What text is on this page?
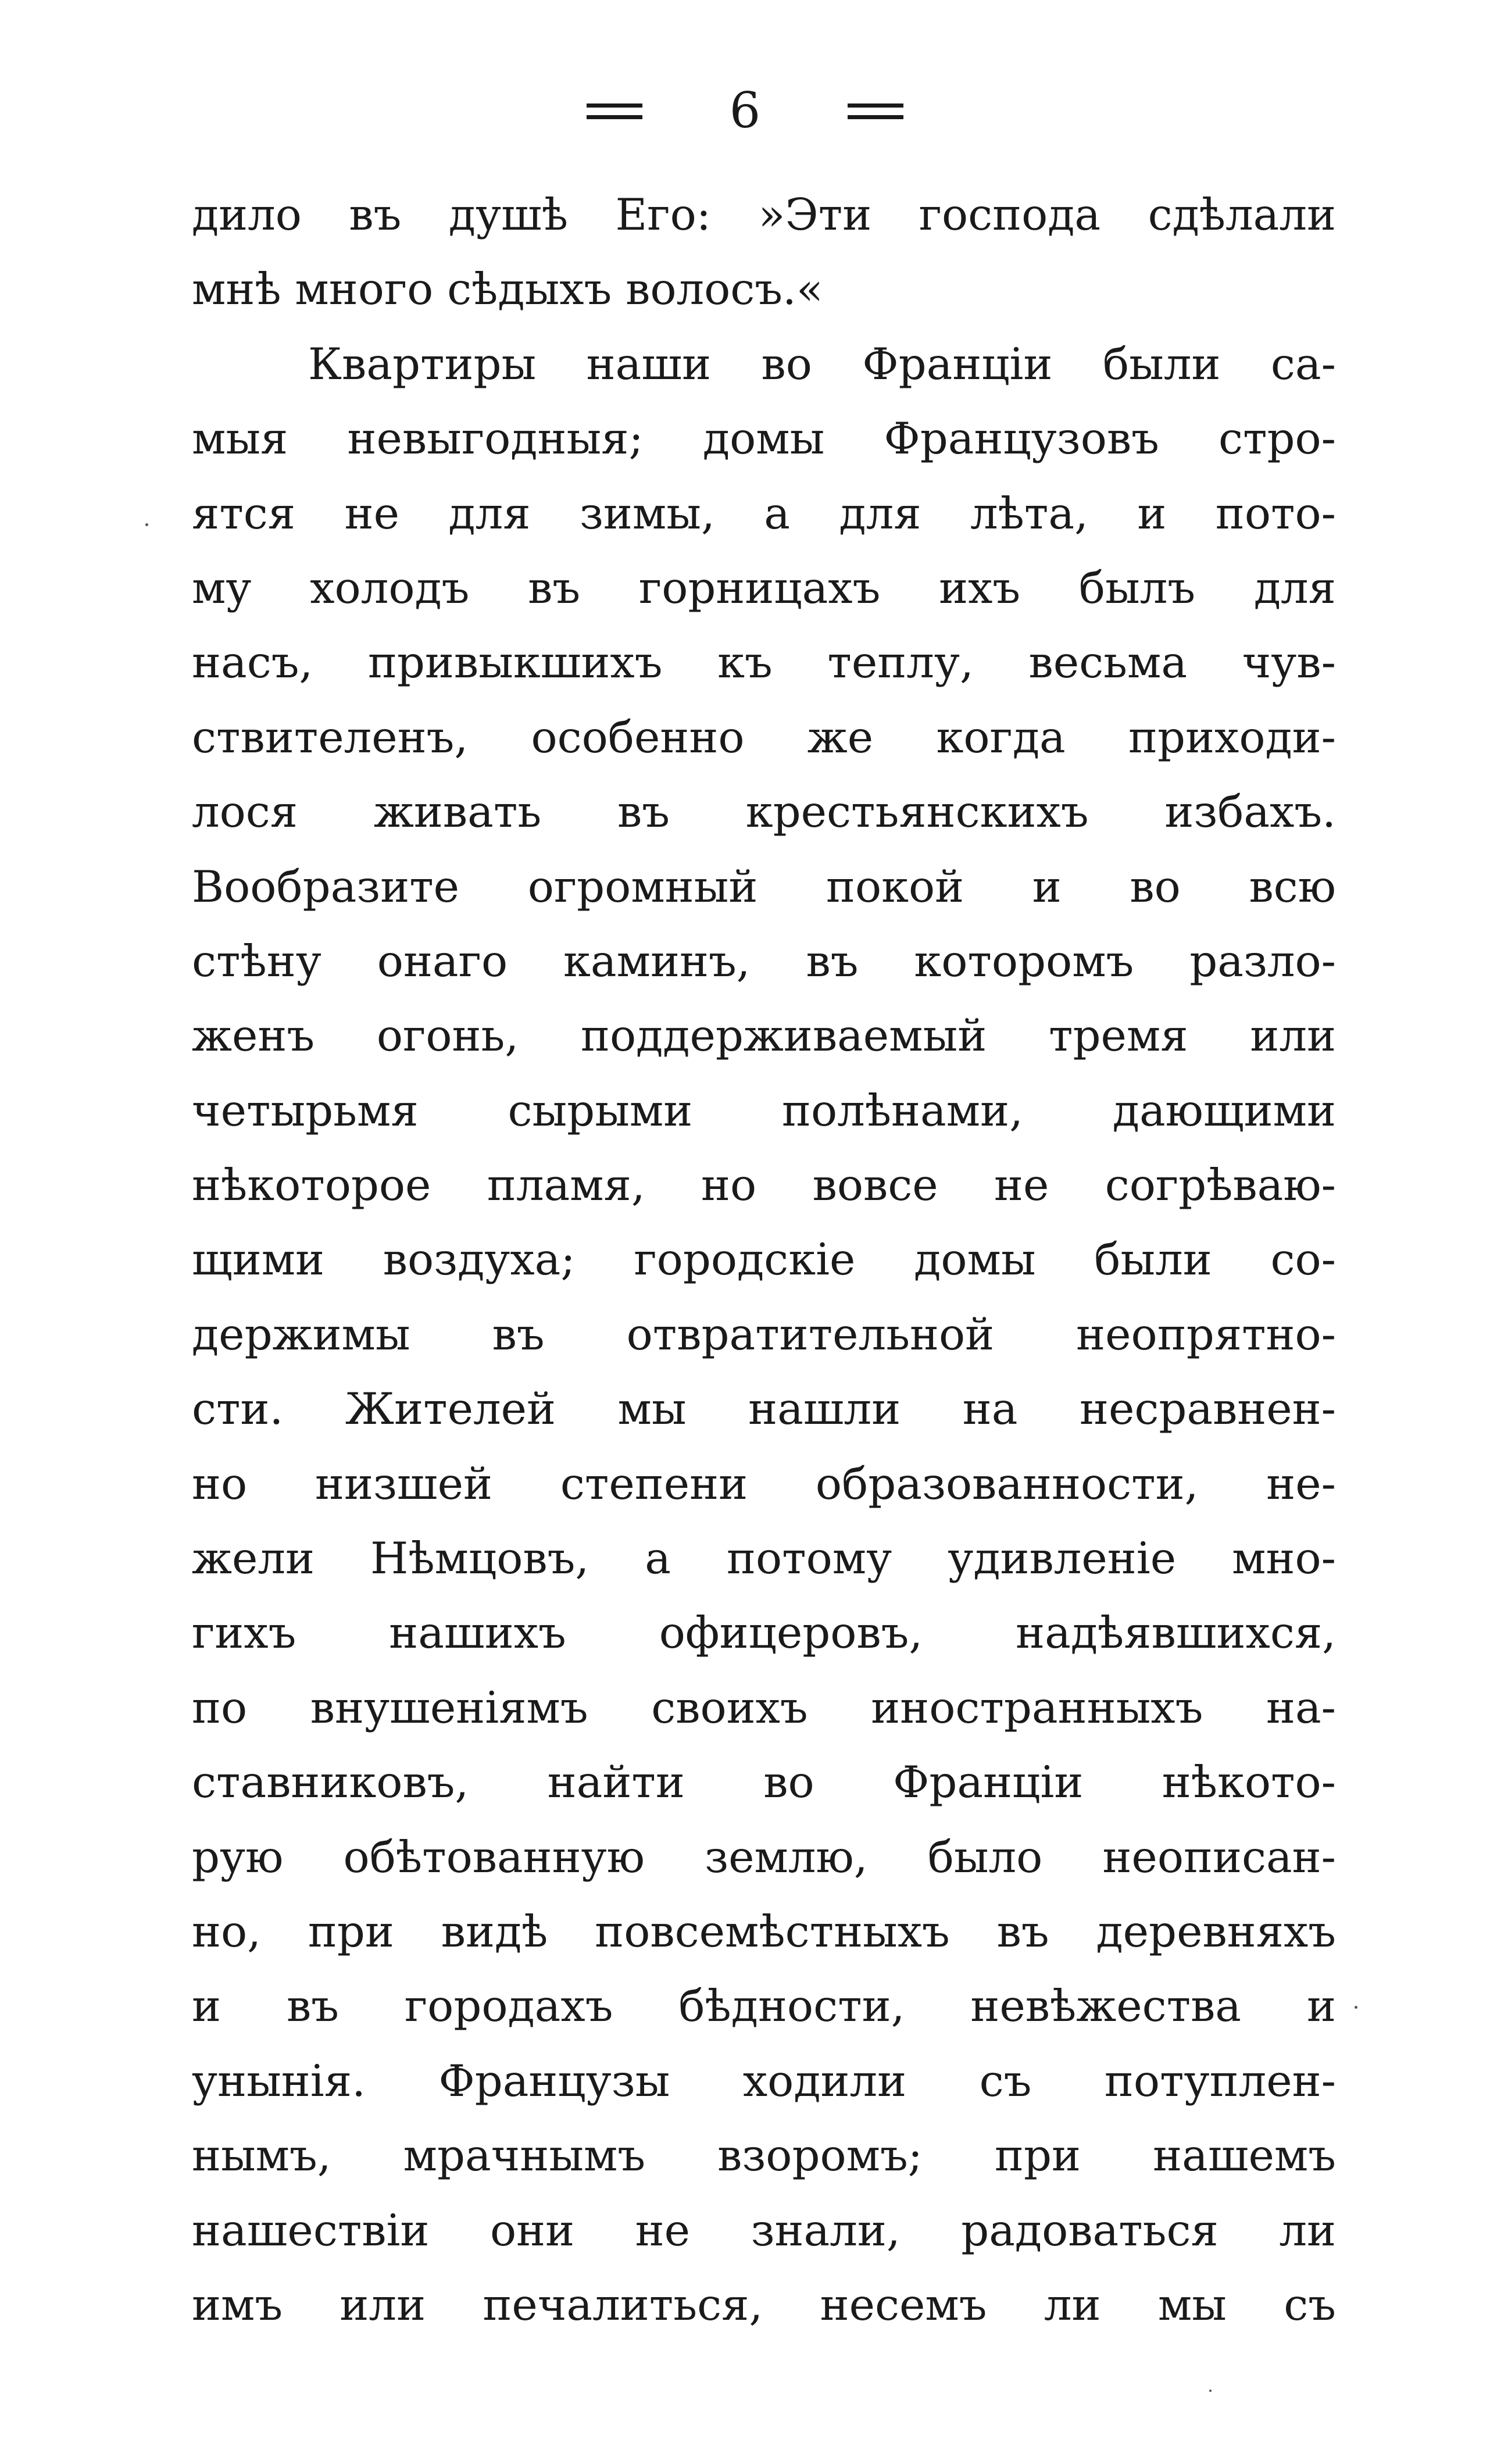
6
дило въ душѣ Его: »Эти господа сдѣлали
мнѣ много сѣдыхъ волосъ.«
Квартиры наши во Франціи были са-
мыя невыгодныя; домы Французовъ стро-
ятся не для зимы, а для лѣта, и пото-
му холодъ въ горницахъ ихъ былъ для
насъ, привыкшихъ къ теплу, весьма чув-
ствителенъ, особенно же когда приходи-
лося живать въ крестьянскихъ избахъ.
Вообразите огромный покой и во всю
стѣну онаго каминъ, въ которомъ разло-
женъ огонь, поддерживаемый тремя или
четырьмя сырыми полѣнами, дающими
нѣкоторое пламя, но вовсе не согрѣваю-
щими воздуха; городскіе домы были со-
держимы въ отвратительной неопрятно-
сти. Жителей мы нашли на несравнен-
но низшей степени образованности, не-
жели Нѣмцовъ, а потому удивленіе мно-
гихъ нашихъ офицеровъ, надѣявшихся,
по внушеніямъ своихъ иностранныхъ на-
ставниковъ, найти во Франціи нѣкото-
рую обѣтованную землю, было неописан-
но, при видѣ повсемѣстныхъ въ деревняхъ
и въ городахъ бѣдности, невѣжества и
унынія. Французы ходили съ потуплен-
нымъ, мрачнымъ взоромъ; при нашемъ
нашествіи они не знали, радоваться ли
имъ или печалиться, несемъ ли мы съ
